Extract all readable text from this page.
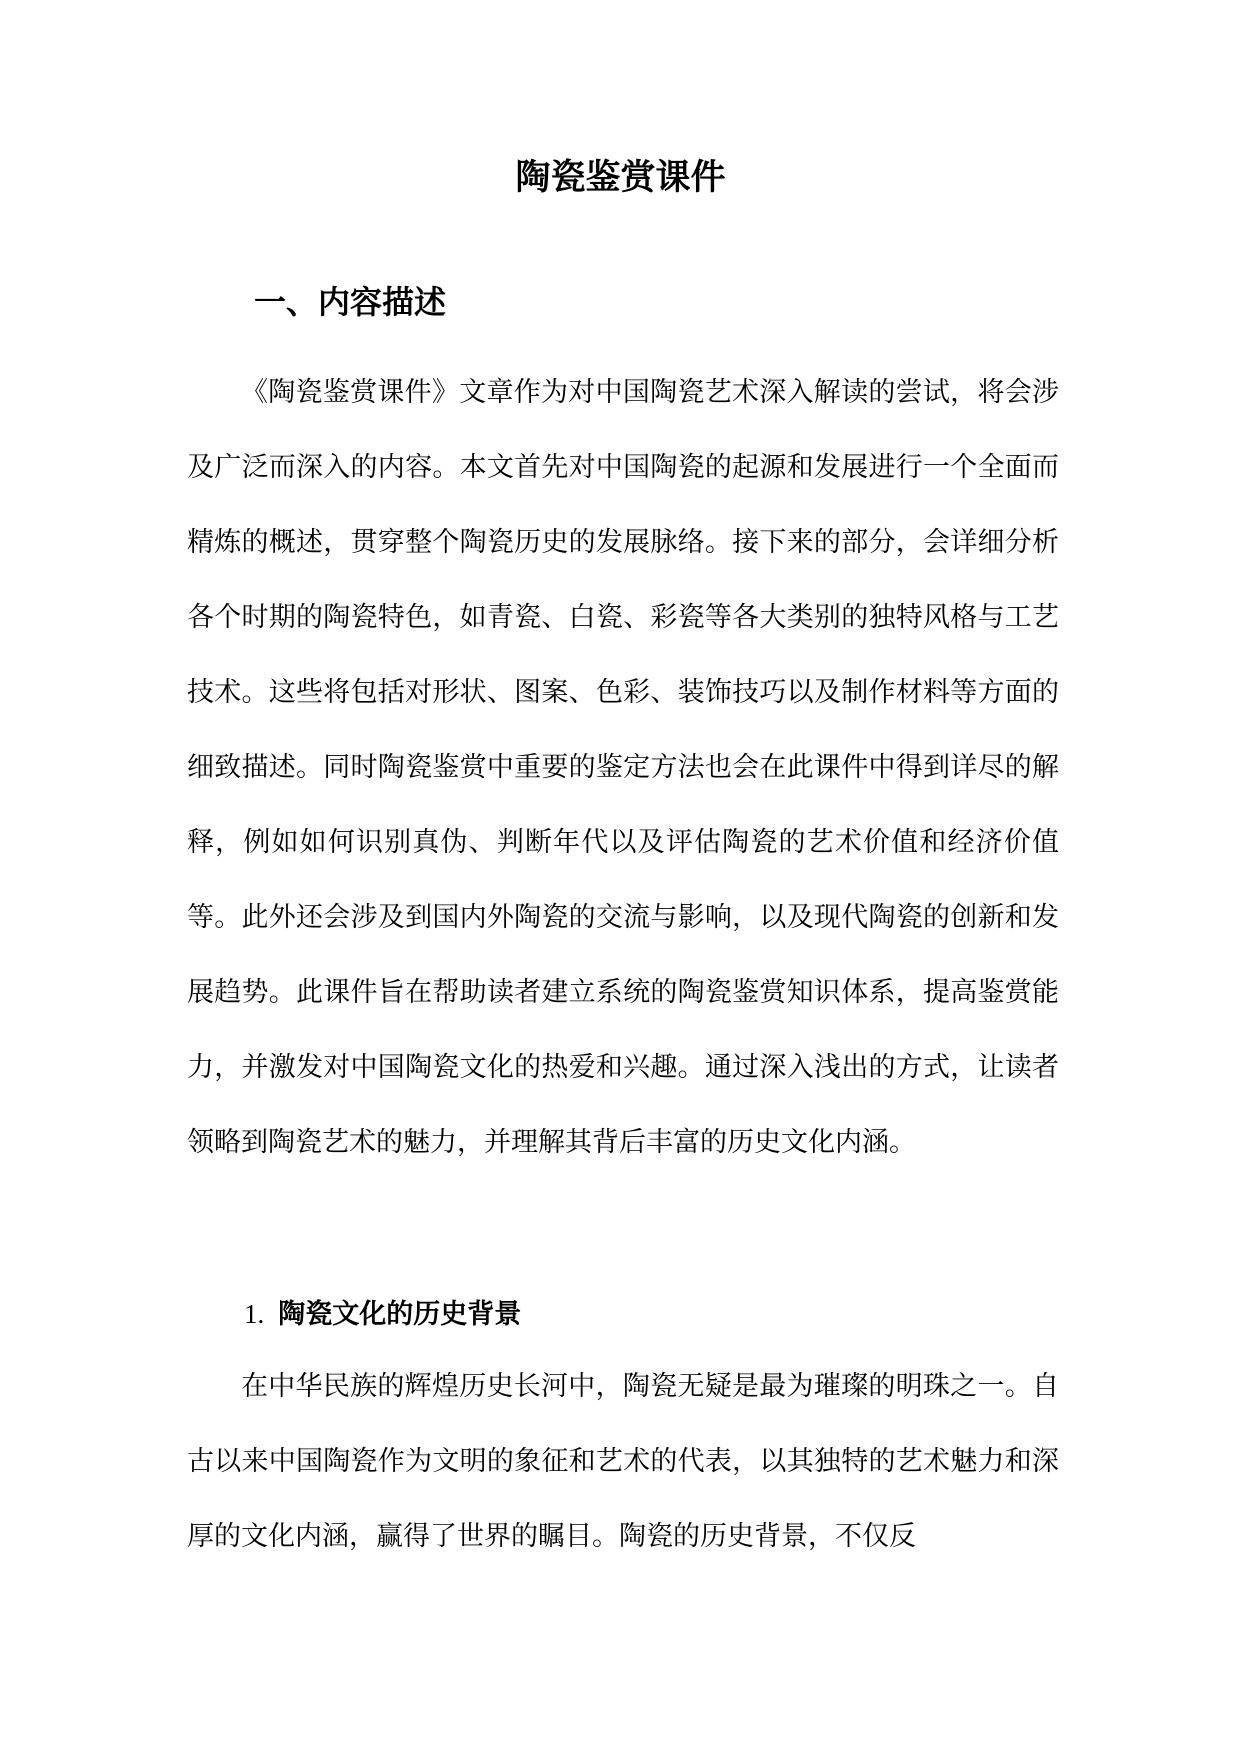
陶瓷鉴赏课件
一、内容描述

《陶瓷鉴赏课件》文章作为对中国陶瓷艺术深入解读的尝试，将会涉及广泛而深入的内容。本文首先对中国陶瓷的起源和发展进行一个全面而精炼的概述，贯穿整个陶瓷历史的发展脉络。接下来的部分，会详细分析各个时期的陶瓷特色，如青瓷、白瓷、彩瓷等各大类别的独特风格与工艺技术。这些将包括对形状、图案、色彩、装饰技巧以及制作材料等方面的细致描述。同时陶瓷鉴赏中重要的鉴定方法也会在此课件中得到详尽的解释，例如如何识别真伪、判断年代以及评估陶瓷的艺术价值和经济价值等。此外还会涉及到国内外陶瓷的交流与影响，以及现代陶瓷的创新和发展趋势。此课件旨在帮助读者建立系统的陶瓷鉴赏知识体系，提高鉴赏能力，并激发对中国陶瓷文化的热爱和兴趣。通过深入浅出的方式，让读者领略到陶瓷艺术的魅力，并理解其背后丰富的历史文化内涵。

1. 陶瓷文化的历史背景

在中华民族的辉煌历史长河中，陶瓷无疑是最为璀璨的明珠之一。自古以来中国陶瓷作为文明的象征和艺术的代表，以其独特的艺术魅力和深厚的文化内涵，赢得了世界的瞩目。陶瓷的历史背景，不仅反
